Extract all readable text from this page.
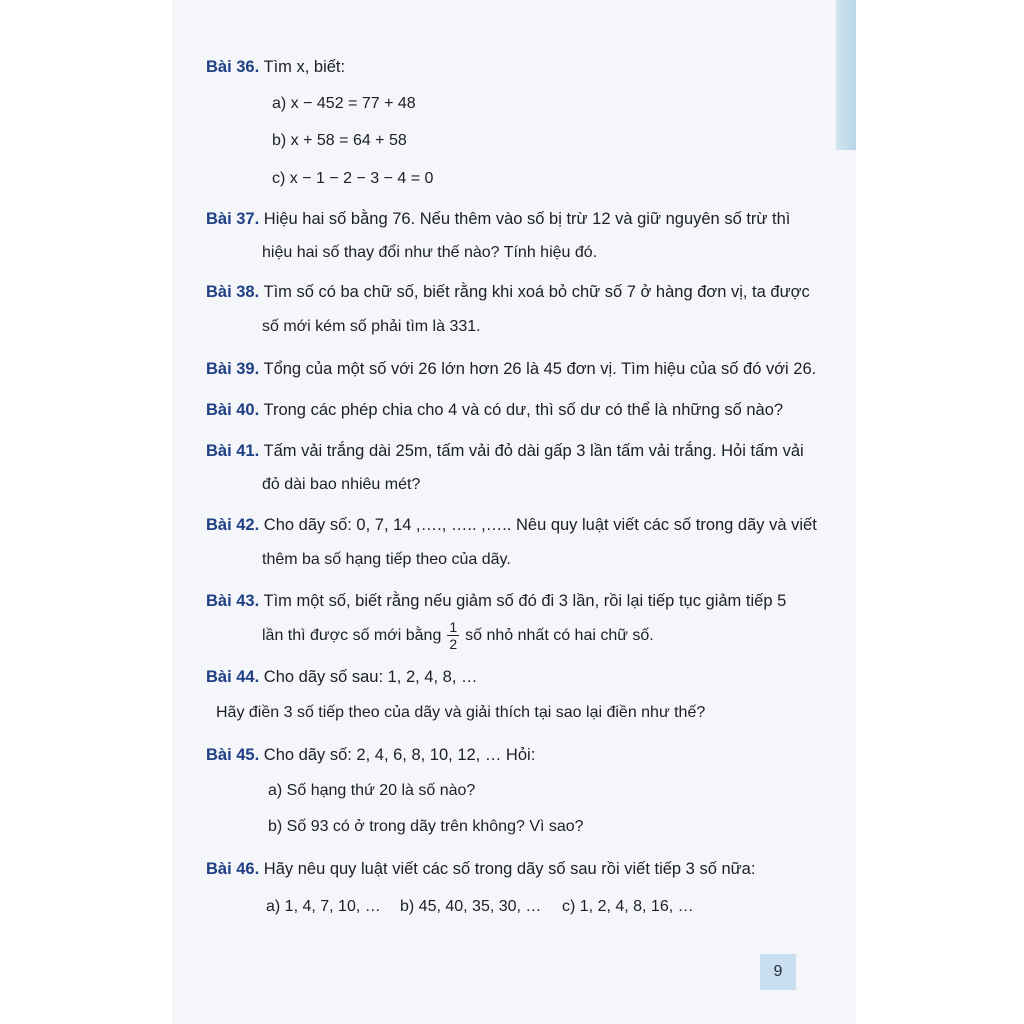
Bài 36. Tìm x, biết:
a) x − 452 = 77 + 48
b) x + 58 = 64 + 58
c) x − 1 − 2 − 3 − 4 = 0
Bài 37. Hiệu hai số bằng 76. Nếu thêm vào số bị trừ 12 và giữ nguyên số trừ thì
hiệu hai số thay đổi như thế nào? Tính hiệu đó.
Bài 38. Tìm số có ba chữ số, biết rằng khi xoá bỏ chữ số 7 ở hàng đơn vị, ta được
số mới kém số phải tìm là 331.
Bài 39. Tổng của một số với 26 lớn hơn 26 là 45 đơn vị. Tìm hiệu của số đó với 26.
Bài 40. Trong các phép chia cho 4 và có dư, thì số dư có thể là những số nào?
Bài 41. Tấm vải trắng dài 25m, tấm vải đỏ dài gấp 3 lần tấm vải trắng. Hỏi tấm vải
đỏ dài bao nhiêu mét?
Bài 42. Cho dãy số: 0, 7, 14 ,…., ….. ,….. Nêu quy luật viết các số trong dãy và viết
thêm ba số hạng tiếp theo của dãy.
Bài 43. Tìm một số, biết rằng nếu giảm số đó đi 3 lần, rồi lại tiếp tục giảm tiếp 5
lần thì được số mới bằng $\frac{1}{2}$ số nhỏ nhất có hai chữ số.
Bài 44. Cho dãy số sau: 1, 2, 4, 8, …
Hãy điền 3 số tiếp theo của dãy và giải thích tại sao lại điền như thế?
Bài 45. Cho dãy số: 2, 4, 6, 8, 10, 12, … Hỏi:
a) Số hạng thứ 20 là số nào?
b) Số 93 có ở trong dãy trên không? Vì sao?
Bài 46. Hãy nêu quy luật viết các số trong dãy số sau rồi viết tiếp 3 số nữa:
a) 1, 4, 7, 10, … b) 45, 40, 35, 30, … c) 1, 2, 4, 8, 16, …
9
